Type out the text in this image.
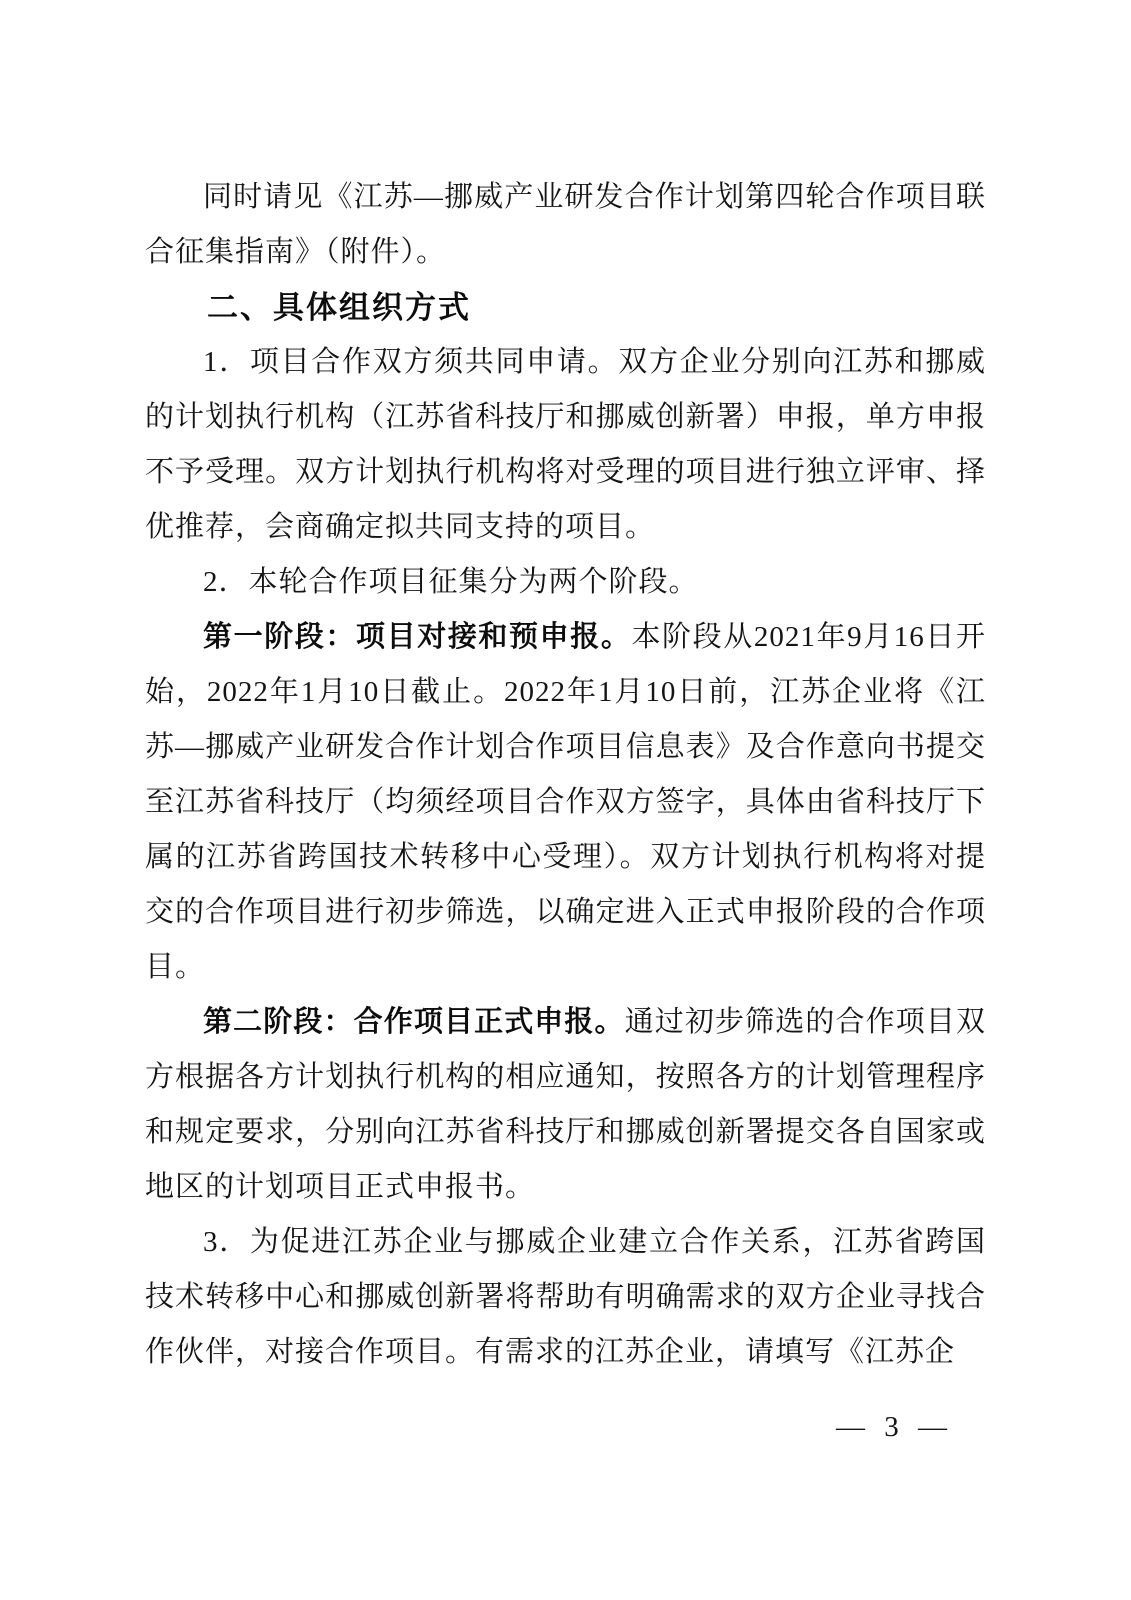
同时请见《江苏—挪威产业研发合作计划第四轮合作项目联合征集指南》（附件）。

二、具体组织方式

1．项目合作双方须共同申请。双方企业分别向江苏和挪威的计划执行机构（江苏省科技厅和挪威创新署）申报，单方申报不予受理。双方计划执行机构将对受理的项目进行独立评审、择优推荐，会商确定拟共同支持的项目。

2．本轮合作项目征集分为两个阶段。

第一阶段：项目对接和预申报。本阶段从2021年9月16日开始，2022年1月10日截止。2022年1月10日前，江苏企业将《江苏—挪威产业研发合作计划合作项目信息表》及合作意向书提交至江苏省科技厅（均须经项目合作双方签字，具体由省科技厅下属的江苏省跨国技术转移中心受理）。双方计划执行机构将对提交的合作项目进行初步筛选，以确定进入正式申报阶段的合作项目。

第二阶段：合作项目正式申报。通过初步筛选的合作项目双方根据各方计划执行机构的相应通知，按照各方的计划管理程序和规定要求，分别向江苏省科技厅和挪威创新署提交各自国家或地区的计划项目正式申报书。

3．为促进江苏企业与挪威企业建立合作关系，江苏省跨国技术转移中心和挪威创新署将帮助有明确需求的双方企业寻找合作伙伴，对接合作项目。有需求的江苏企业，请填写《江苏企

— 3 —
